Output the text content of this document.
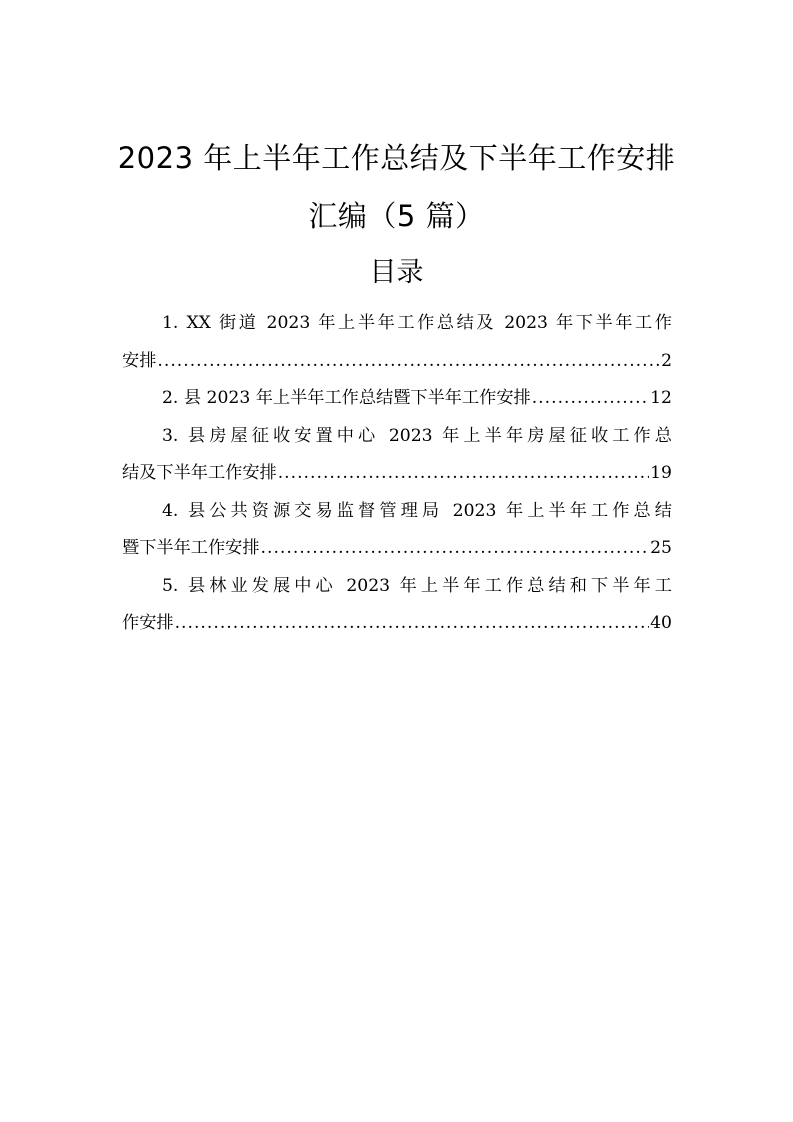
2023 年上半年工作总结及下半年工作安排
汇编（5 篇）
目录
1. XX 街道 2023 年上半年工作总结及 2023 年下半年工作
安排 .....	2
2. 县 2023 年上半年工作总结暨下半年工作安排 .....	12
3. 县房屋征收安置中心 2023 年上半年房屋征收工作总
结及下半年工作安排 .....	19
4. 县公共资源交易监督管理局 2023 年上半年工作总结
暨下半年工作安排 .....	25
5. 县林业发展中心 2023 年上半年工作总结和下半年工
作安排 .....	40
